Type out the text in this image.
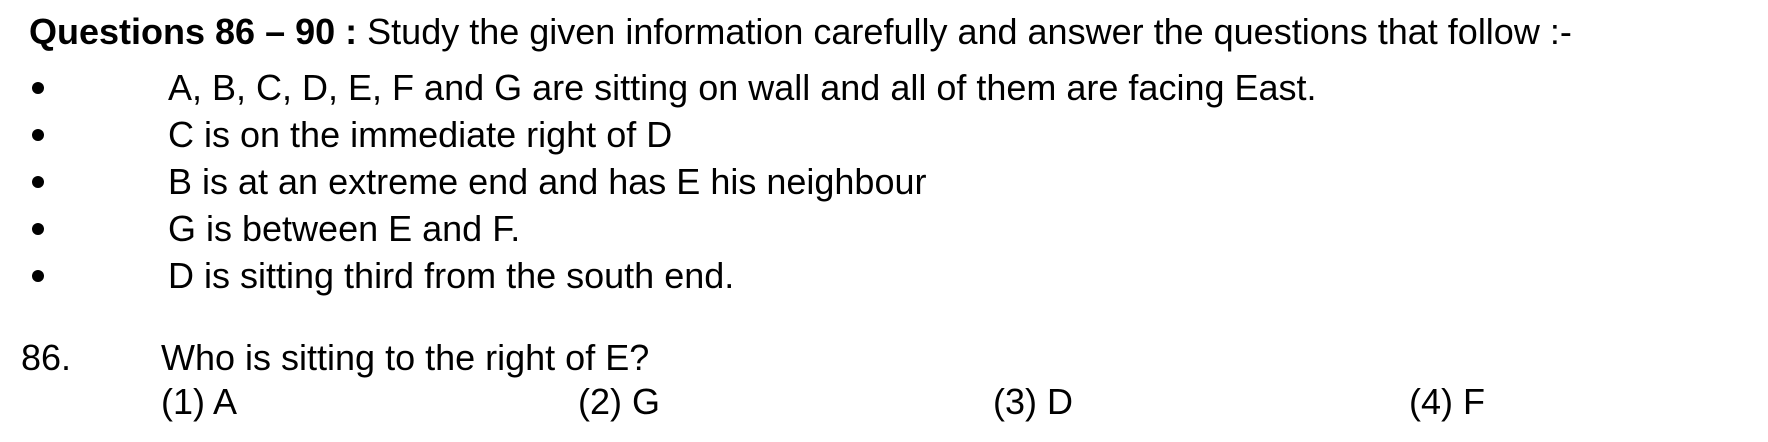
Questions 86 – 90 : Study the given information carefully and answer the questions that follow :-
A, B, C, D, E, F and G are sitting on wall and all of them are facing East.
C is on the immediate right of D
B is at an extreme end and has E his neighbour
G is between E and F.
D is sitting third from the south end.
86. Who is sitting to the right of E?
(1) A	(2) G	(3) D	(4) F
